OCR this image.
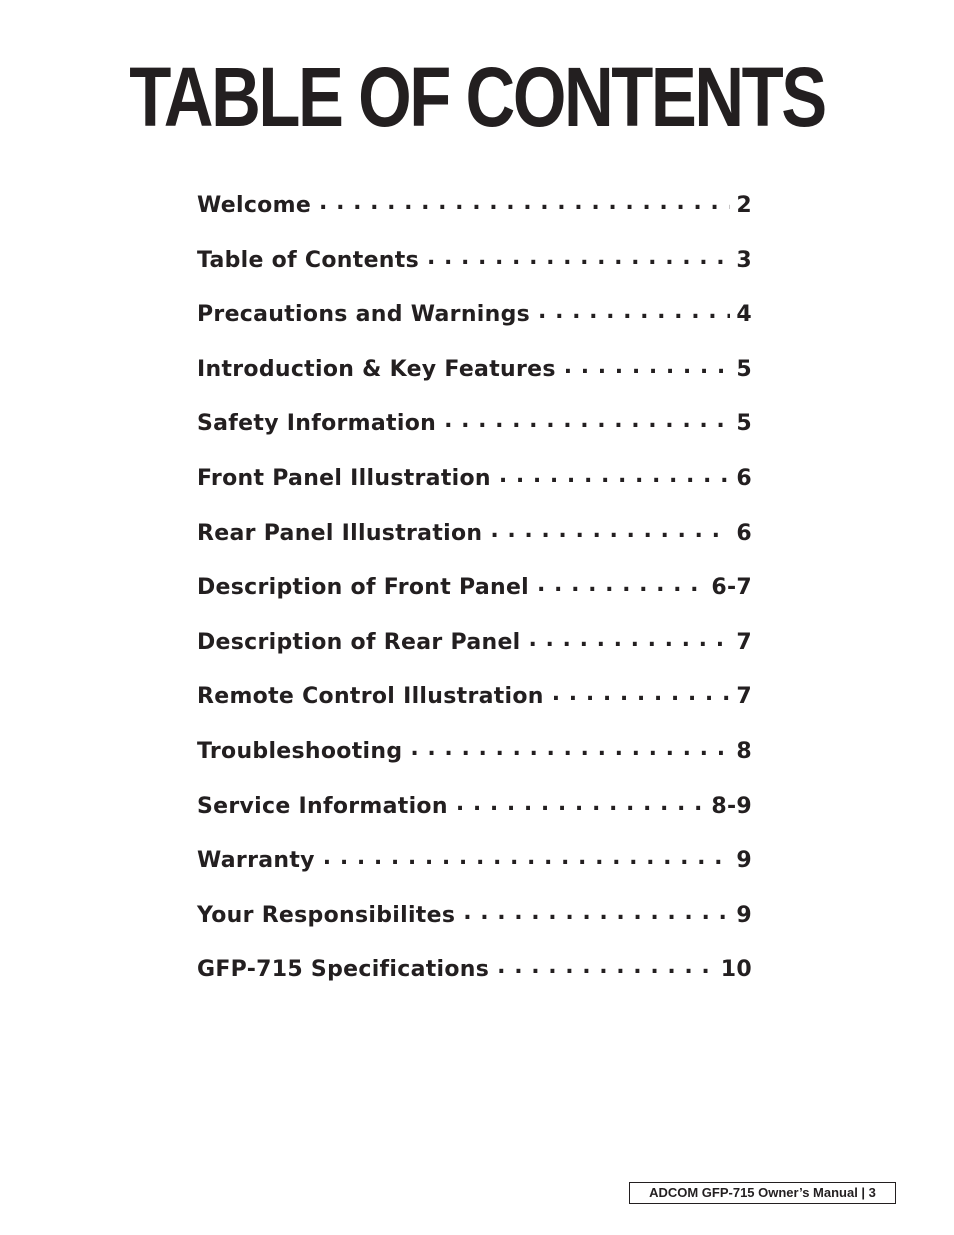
TABLE OF CONTENTS
Welcome . . .	2
Table of Contents . . .	3
Precautions and Warnings . . .	4
Introduction & Key Features . . .	5
Safety Information . . .	5
Front Panel Illustration . . .	6
Rear Panel Illustration . . .	6
Description of Front Panel . . .	6-7
Description of Rear Panel . . .	7
Remote Control Illustration . . .	7
Troubleshooting . . .	8
Service Information . . .	8-9
Warranty . . .	9
Your Responsibilites . . .	9
GFP-715 Specifications . . .	10
ADCOM GFP-715 Owner’s Manual | 3
